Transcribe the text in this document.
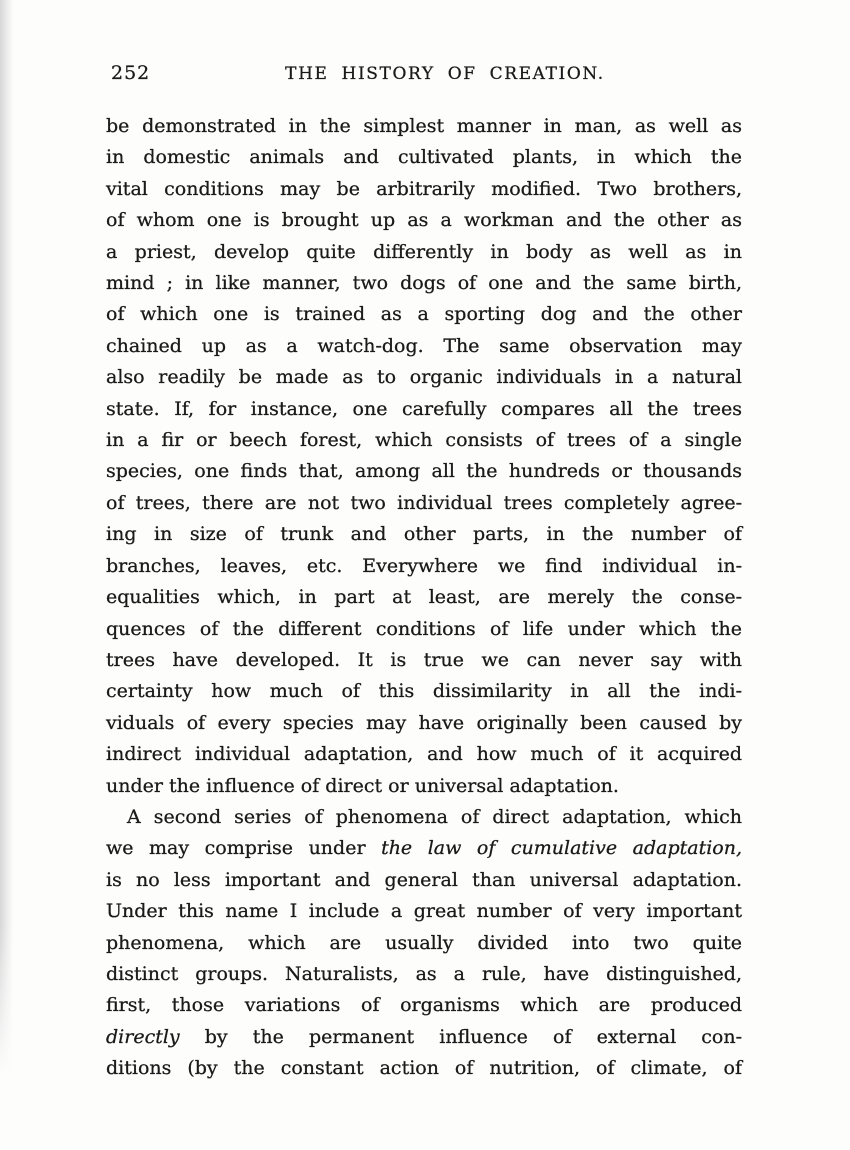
252	THE HISTORY OF CREATION.
be demonstrated in the simplest manner in man, as well as
in domestic animals and cultivated plants, in which the
vital conditions may be arbitrarily modified. Two brothers,
of whom one is brought up as a workman and the other as
a priest, develop quite differently in body as well as in
mind ; in like manner, two dogs of one and the same birth,
of which one is trained as a sporting dog and the other
chained up as a watch-dog. The same observation may
also readily be made as to organic individuals in a natural
state. If, for instance, one carefully compares all the trees
in a fir or beech forest, which consists of trees of a single
species, one finds that, among all the hundreds or thousands
of trees, there are not two individual trees completely agree-
ing in size of trunk and other parts, in the number of
branches, leaves, etc. Everywhere we find individual in-
equalities which, in part at least, are merely the conse-
quences of the different conditions of life under which the
trees have developed. It is true we can never say with
certainty how much of this dissimilarity in all the indi-
viduals of every species may have originally been caused by
indirect individual adaptation, and how much of it acquired
under the influence of direct or universal adaptation.
A second series of phenomena of direct adaptation, which
we may comprise under the law of cumulative adaptation,
is no less important and general than universal adaptation.
Under this name I include a great number of very important
phenomena, which are usually divided into two quite
distinct groups. Naturalists, as a rule, have distinguished,
first, those variations of organisms which are produced
directly by the permanent influence of external con-
ditions (by the constant action of nutrition, of climate, of
